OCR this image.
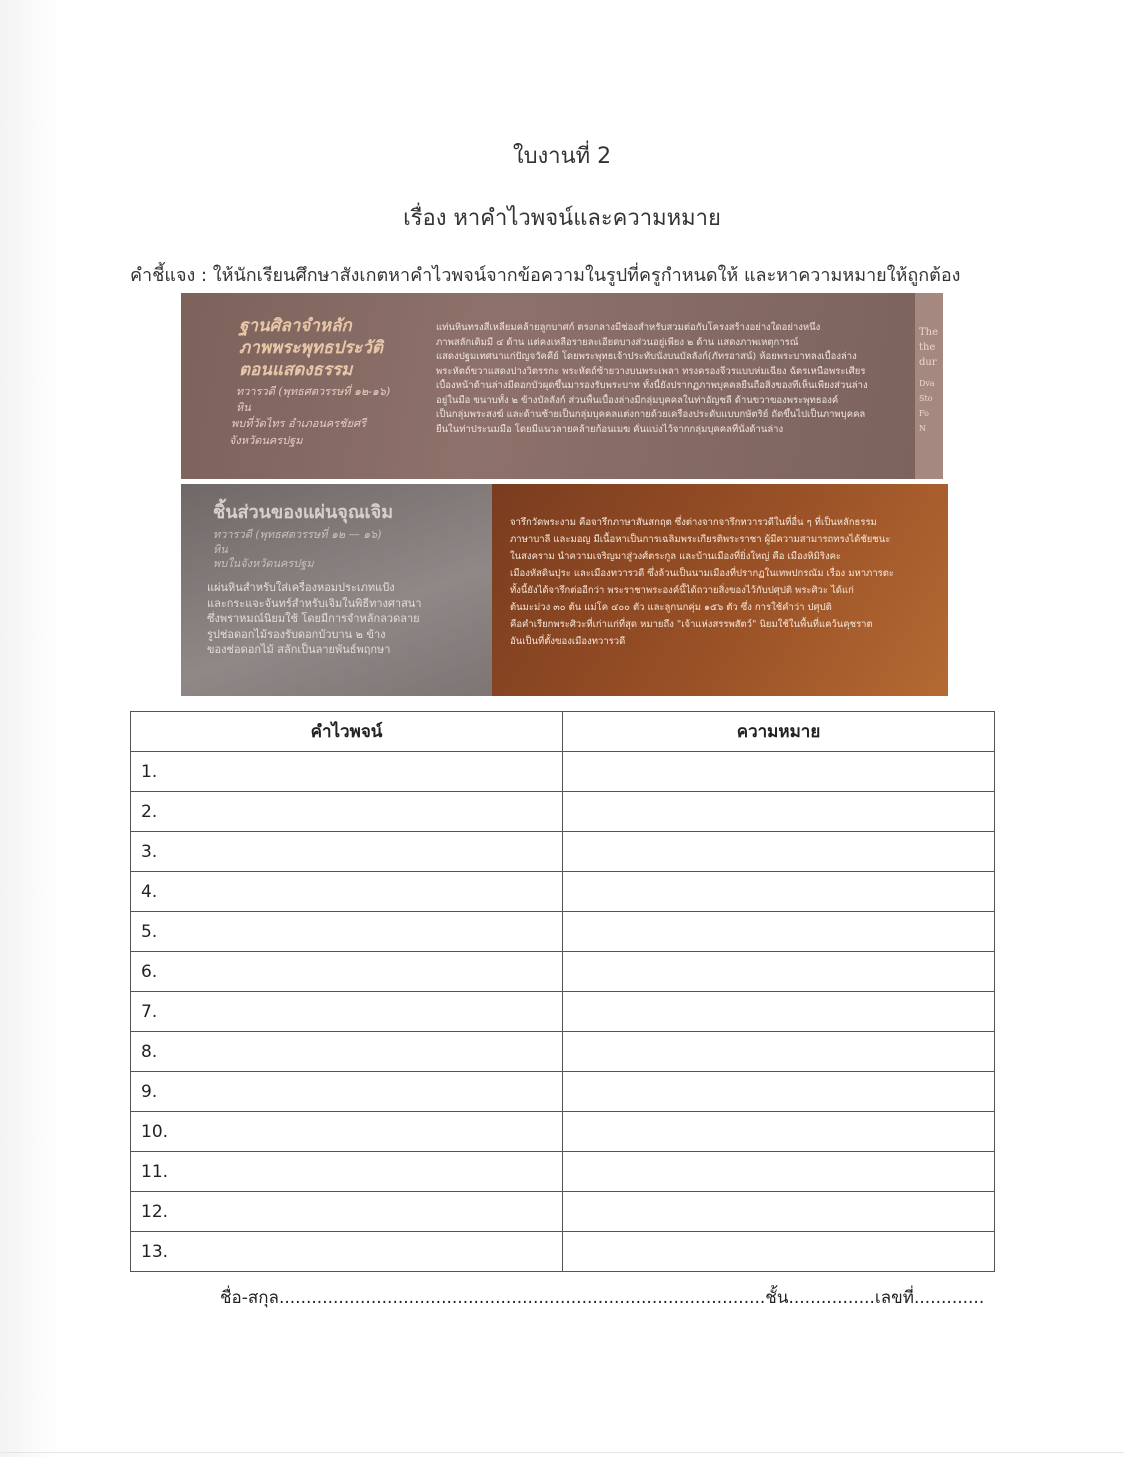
ใบงานที่ 2
เรื่อง หาคำไวพจน์และความหมาย
คำชี้แจง : ให้นักเรียนศึกษาสังเกตหาคำไวพจน์จากข้อความในรูปที่ครูกำหนดให้ และหาความหมายให้ถูกต้อง
ฐานศิลาจำหลัก
ภาพพระพุทธประวัติ
ตอนแสดงธรรม
ทวารวดี (พุทธศตวรรษที่ ๑๒-๑๖)
หิน
พบที่วัดไทร อำเภอนครชัยศรี
จังหวัดนครปฐม
แท่นหินทรงสี่เหลี่ยมคล้ายลูกบาศก์ ตรงกลางมีช่องสำหรับสวมต่อกับโครงสร้างอย่างใดอย่างหนึ่ง
ภาพสลักเดิมมี ๔ ด้าน แต่คงเหลือรายละเอียดบางส่วนอยู่เพียง ๒ ด้าน แสดงภาพเหตุการณ์
แสดงปฐมเทศนาแก่ปัญจวัคคีย์ โดยพระพุทธเจ้าประทับนั่งบนบัลลังก์(ภัทรอาสน์) ห้อยพระบาทลงเบื้องล่าง
พระหัตถ์ขวาแสดงปางวิตรรกะ พระหัตถ์ซ้ายวางบนพระเพลา ทรงครองจีวรแบบห่มเฉียง ฉัตรเหนือพระเศียร
เบื้องหน้าด้านล่างมีดอกบัวผุดขึ้นมารองรับพระบาท ทั้งนี้ยังปรากฏภาพบุคคลยืนถือสิ่งของที่เห็นเพียงส่วนล่าง
อยู่ในมือ ขนาบทั้ง ๒ ข้างบัลลังก์ ส่วนพื้นเบื้องล่างมีกลุ่มบุคคลในท่าอัญชลี ด้านขวาของพระพุทธองค์
เป็นกลุ่มพระสงฆ์ และด้านซ้ายเป็นกลุ่มบุคคลแต่งกายด้วยเครื่องประดับแบบกษัตริย์ ถัดขึ้นไปเป็นภาพบุคคล
ยืนในท่าประนมมือ โดยมีแนวลายคล้ายก้อนเมฆ คั่นแบ่งไว้จากกลุ่มบุคคลที่นั่งด้านล่าง
The
the
dur
Dva
Sto
Fo
N
ชิ้นส่วนของแผ่นจุณเจิม
ทวารวดี (พุทธศตวรรษที่ ๑๒ — ๑๖)
หิน
พบในจังหวัดนครปฐม
แผ่นหินสำหรับใส่เครื่องหอมประเภทแป้ง
และกระแจะจันทร์สำหรับเจิมในพิธีทางศาสนา
ซึ่งพราหมณ์นิยมใช้ โดยมีการจำหลักลวดลาย
รูปช่อดอกไม้รองรับดอกบัวบาน ๒ ข้าง
ของช่อดอกไม้ สลักเป็นลายพันธ์พฤกษา
จารึกวัดพระงาม คือจารึกภาษาสันสกฤต ซึ่งต่างจากจารึกทวารวดีในที่อื่น ๆ ที่เป็นหลักธรรม
ภาษาบาลี และมอญ มีเนื้อหาเป็นการเฉลิมพระเกียรติพระราชา ผู้มีความสามารถทรงได้ชัยชนะ
ในสงคราม นำความเจริญมาสู่วงศ์ตระกูล และบ้านเมืองที่ยิ่งใหญ่ คือ เมืองหิมิริงคะ
เมืองหัสดินปุระ และเมืองทวารวดี ซึ่งล้วนเป็นนามเมืองที่ปรากฏในเทพปกรณัม เรื่อง มหาภารตะ
ทั้งนี้ยังได้จารึกต่ออีกว่า พระราชาพระองค์นี้ได้ถวายสิ่งของไว้กับปศุปติ พระศิวะ ได้แก่
ต้นมะม่วง ๓๐ ต้น แม่โค ๔๐๐ ตัว และลูกนกคุ่ม ๑๕๖ ตัว ซึ่ง การใช้คำว่า ปศุปติ
คือคำเรียกพระศิวะที่เก่าแก่ที่สุด หมายถึง "เจ้าแห่งสรรพสัตว์" นิยมใช้ในพื้นที่แคว้นคุชราต
อันเป็นที่ตั้งของเมืองทวารวดี
คำไวพจน์	ความหมาย
1.	
2.	
3.	
4.	
5.	
6.	
7.	
8.	
9.	
10.	
11.	
12.	
13.	
ชื่อ-สกุล..........................................................................................ชั้น................เลขที่.............
